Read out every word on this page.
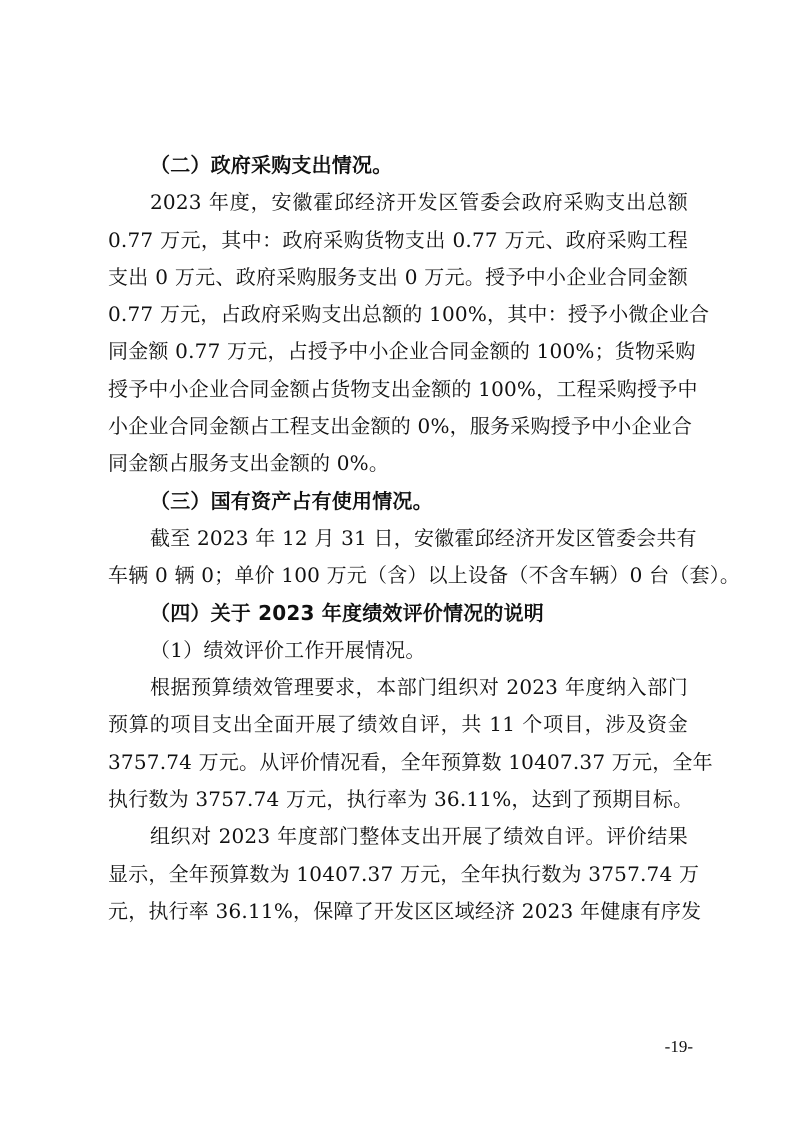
（二）政府采购支出情况。
2023 年度，安徽霍邱经济开发区管委会政府采购支出总额
0.77 万元，其中：政府采购货物支出 0.77 万元、政府采购工程
支出 0 万元、政府采购服务支出 0 万元。授予中小企业合同金额
0.77 万元，占政府采购支出总额的 100%，其中：授予小微企业合
同金额 0.77 万元，占授予中小企业合同金额的 100%；货物采购
授予中小企业合同金额占货物支出金额的 100%，工程采购授予中
小企业合同金额占工程支出金额的 0%，服务采购授予中小企业合
同金额占服务支出金额的 0%。
（三）国有资产占有使用情况。
截至 2023 年 12 月 31 日，安徽霍邱经济开发区管委会共有
车辆 0 辆 0；单价 100 万元（含）以上设备（不含车辆）0 台（套）。
（四）关于 2023 年度绩效评价情况的说明
（1）绩效评价工作开展情况。
根据预算绩效管理要求，本部门组织对 2023 年度纳入部门
预算的项目支出全面开展了绩效自评，共 11 个项目，涉及资金
3757.74 万元。从评价情况看，全年预算数 10407.37 万元，全年
执行数为 3757.74 万元，执行率为 36.11%，达到了预期目标。
组织对 2023 年度部门整体支出开展了绩效自评。评价结果
显示，全年预算数为 10407.37 万元，全年执行数为 3757.74 万
元，执行率 36.11%，保障了开发区区域经济 2023 年健康有序发
-19-
